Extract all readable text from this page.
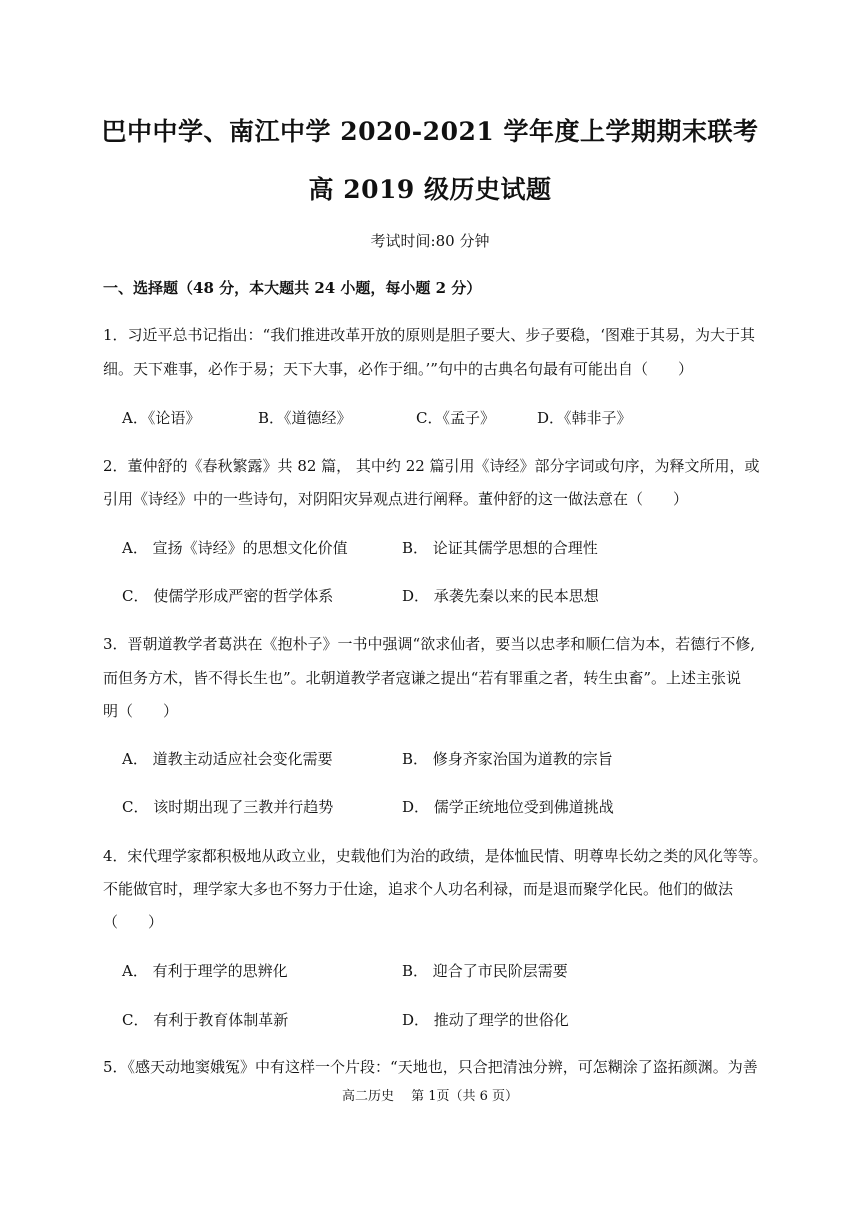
巴中中学、南江中学 2020-2021 学年度上学期期末联考
高 2019 级历史试题
考试时间:80 分钟
一、选择题（48 分，本大题共 24 小题，每小题 2 分）
1．习近平总书记指出：“我们推进改革开放的原则是胆子要大、步子要稳，‘图难于其易，为大于其
细。天下难事，必作于易；天下大事，必作于细。’”句中的古典名句最有可能出自（　　）
A．《论语》	B．《道德经》	C．《孟子》	D．《韩非子》
2．董仲舒的《春秋繁露》共 82 篇， 其中约 22 篇引用《诗经》部分字词或句序，为释文所用，或
引用《诗经》中的一些诗句，对阴阳灾异观点进行阐释。董仲舒的这一做法意在（　　）
A． 宣扬《诗经》的思想文化价值	B． 论证其儒学思想的合理性
C． 使儒学形成严密的哲学体系	D． 承袭先秦以来的民本思想
3．晋朝道教学者葛洪在《抱朴子》一书中强调“欲求仙者，要当以忠孝和顺仁信为本，若德行不修,
而但务方术，皆不得长生也”。北朝道教学者寇谦之提出“若有罪重之者，转生虫畜”。上述主张说
明（　　）
A． 道教主动适应社会变化需要	B． 修身齐家治国为道教的宗旨
C． 该时期出现了三教并行趋势	D． 儒学正统地位受到佛道挑战
4．宋代理学家都积极地从政立业，史载他们为治的政绩，是体恤民情、明尊卑长幼之类的风化等等。
不能做官时，理学家大多也不努力于仕途，追求个人功名利禄，而是退而聚学化民。他们的做法
（　　）
A． 有利于理学的思辨化	B． 迎合了市民阶层需要
C． 有利于教育体制革新	D． 推动了理学的世俗化
5．《感天动地窦娥冤》中有这样一个片段：“天地也，只合把清浊分辨，可怎糊涂了盗拓颜渊。为善
高二历史　 第 1页（共 6 页）
